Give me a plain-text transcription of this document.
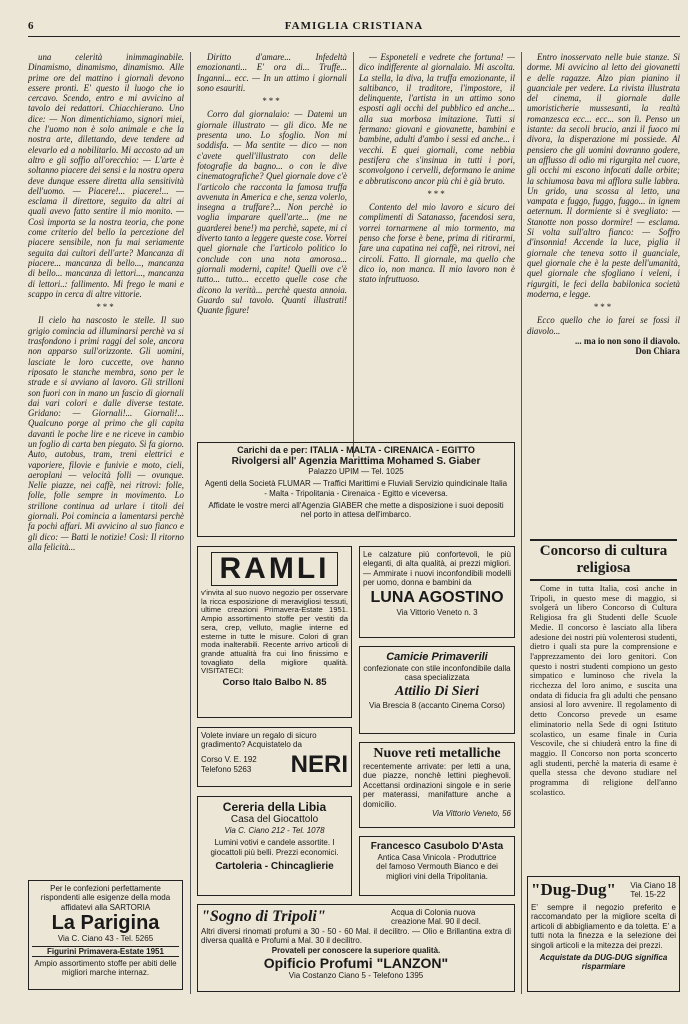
6	FAMIGLIA CRISTIANA

una celerità inimmaginabile. Dinamismo, dinamismo, dinamismo. Alle prime ore del mattino i giornali devono essere pronti. E' questo il luogo che io cercavo. Scendo, entro e mi avvicino al tavolo dei redattori. Chiacchierano. Uno dice: — Non dimentichiamo, signori miei, che l'uomo non è solo animale e che la nostra arte, dilettando, deve tendere ad elevarlo ed a nobilitarlo. Mi accosto ad un altro e gli soffio all'orecchio: — L'arte è soltanno piacere dei sensi e la nostra opera deve dunque essere diretta alla sensitività dell'uomo. — Piacere!... piacere!... — esclama il direttore, seguito da altri ai quali avevo fatto sentire il mio monito. — Così importa se la nostra teoria, che pone come criterio del bello la percezione del piacere sensibile, non fu mai seriamente seguita dai cultori dell'arte? Mancanza di piacere... mancanza di bello..., mancanza di bello... mancanza di lettori..., mancanza di lettori..: fallimento. Mi frego le mani e scappo in cerca di altre vittorie.

***

Il cielo ha nascosto le stelle. Il suo grigio comincia ad illuminarsi perchè va si trasfondono i primi raggi del sole, ancora non apparso sull'orizzonte. Gli uomini, lasciate le loro cuccette, ove hanno riposato le stanche membra, sono per le strade e si avviano al lavoro. Gli strilloni son fuori con in mano un fascio di giornali dai vari colori e dalle diverse testate. Gridano: — Giornali!... Giornali!... Qualcuno porge al primo che gli capita davanti le poche lire e ne riceve in cambio un foglio di carta ben piegato. Si fa giorno. Auto, autobus, tram, treni elettrici e vaporiere, filovie e funivie e moto, cieli, aeroplani — velocità folli — ovunque. Nelle piazze, nei caffè, nei ritrovi: folle, folle, folle sempre in movimento. Lo strillone continua ad urlare i titoli dei giornali. Poi comincia a lamentarsi perchè fa pochi affari. Mi avvicino al suo fianco e gli dico: — Batti le notizie! Così: Il ritorno alla felicità...

Diritto d'amare... Infedeltà emozionanti... E' ora di... Truffe... Inganni... ecc. — In un attimo i giornali sono esauriti.

***

Corro dal giornalaio: — Datemi un giornale illustrato — gli dico. Me ne presenta uno. Lo sfoglio. Non mi soddisfa. — Ma sentite — dico — non c'avete quell'illustrato con delle fotografie da bagno... o con le dive cinematografiche? Quel giornale dove c'è l'articolo che racconta la famosa truffa avvenuta in America e che, senza volerlo, insegna a truffare?... Non perchè io voglia imparare quell'arte... (me ne guarderei bene!) ma perchè, sapete, mi ci diverto tanto a leggere queste cose. Vorrei quel giornale che l'articolo politico lo conclude con una nota amorosa... giornali moderni, capite! Quelli ove c'è tutto... tutto... eccetto quelle cose che dicono la verità... perchè questa annoia. Guardo sul tavolo. Quanti illustrati! Quante figure!

— Esponeteli e vedrete che fortuna! — dico indifferente al giornalaio. Mi ascolta. La stella, la diva, la truffa emozionante, il saltibanco, il traditore, l'impostore, il delinquente, l'artista in un attimo sono esposti agli occhi del pubblico ed anche... alla sua morbosa imitazione. Tutti si fermano: giovani e giovanette, bambini e bambine, adulti d'ambo i sessi ed anche... i vecchi. E quei giornali, come nebbia pestifera che s'insinua in tutti i pori, sconvolgono i cervelli, deformano le anime e abbrutiscono ancor più chi è già bruto.

***

Contento del mio lavoro e sicuro dei complimenti di Satanasso, facendosi sera, vorrei tornarmene al mio tormento, ma penso che forse è bene, prima di ritirarmi, fare una capatina nei caffè, nei ritrovi, nei circoli. Fatto. Il giornale, ma quello che dico io, non manca. Il mio lavoro non è stato infruttuoso.

Entro inosservato nelle buie stanze. Si dorme. Mi avvicino al letto dei giovanetti e delle ragazze. Alzo pian pianino il guanciale per vedere. La rivista illustrata del cinema, il giornale dalle umoristicherie mussesanti, la realtà romanzesca ecc... ecc... son lì. Penso un istante: da secoli brucio, anzi il fuoco mi divora, la disperazione mi possiede. Al pensiero che gli uomini dovranno godere, un afflusso di odio mi rigurgita nel cuore, gli occhi mi escono infocati dalle orbite; la schiumosa bava mi afflora sulle labbra. Un grido, una scossa al letto, una vampata e fuggo, fuggo, fuggo... in ignem aeternum. Il dormiente si è svegliato: — Stanotte non posso dormire! — esclama. Si volta sull'altro fianco: — Soffro d'insonnia! Accende la luce, piglia il giornale che teneva sotto il guanciale, quel giornale che è la peste dell'umanità, quel giornale che sfogliano i veleni, i rigurgiti, le feci della babilonica società moderna, e legge.

***

Ecco quello che io farei se fossi il diavolo...

... ma io non sono il diavolo.
Don Chiara
Carichi da e per: ITALIA - MALTA - CIRENAICA - EGITTO
Rivolgersi all' Agenzia Marittima Mohamed S. Giaber
Palazzo UPIM — Tel. 1025
Agenti della Società FLUMAR — Traffici Marittimi e Fluviali Servizio quindicinale Italia - Malta - Tripolitania - Cirenaica - Egitto e viceversa.
Affidate le vostre merci all'Agenzia GIABER che mette a disposizione i suoi depositi nel porto in attesa dell'imbarco.
RAMLI
v'invita al suo nuovo negozio per osservare la ricca esposizione di meravigliosi tessuti, ultime creazioni Primavera-Estate 1951. Ampio assortimento stoffe per vestiti da sera, crep, velluto, maglie interne ed esterne in tutte le misure. Colori di gran moda inalterabili. Recente arrivo articoli di grande attualità fra cui lino finissimo e tovagliato della migliore qualità. VISITATECI:
Corso Italo Balbo N. 85
Volete inviare un regalo di sicuro gradimento? Acquistatelo da
Corso V. E. 192
Telefono 5263 NERI
Cereria della Libia
Casa del Giocattolo
Via C. Ciano 212 - Tel. 1078
Lumini votivi e candele assortite. I giocattoli più belli. Prezzi economici.
Cartoleria - Chincaglierie
Per le confezioni perfettamente rispondenti alle esigenze della moda affidatevi alla SARTORIA
La Parigina
Via C. Ciano 43 - Tel. 5265
Figurini Primavera-Estate 1951
Ampio assortimento stoffe per abiti delle migliori marche internaz.
Le calzature più confortevoli, le più eleganti, di alta qualità, ai prezzi migliori. — Ammirate i nuovi inconfondibili modelli per uomo, donna e bambini da
LUNA AGOSTINO
Via Vittorio Veneto n. 3
Camicie Primaverili
confezionate con stile inconfondibile dalla casa specializzata
Attilio Di Sieri
Via Brescia 8 (accanto Cinema Corso)
Nuove reti metalliche
recentemente arrivate: per letti a una, due piazze, nonchè lettini pieghevoli. Accettansi ordinazioni singole e in serie per materassi, manifatture anche a domicilio.
Via Vittorio Veneto, 56
Francesco Casubolo D'Asta
Antica Casa Vinicola - Produttrice
del famoso Vermouth Bianco e dei
migliori vini della Tripolitania.
"Sogno di Tripoli"	Acqua di Colonia nuova creazione Mal. 90 il decil.
Altri diversi rinomati profumi a 30 - 50 - 60 Mal. il decilitro. — Olio e Brillantina extra di diversa qualità e Profumi a Mal. 30 il decilitro.
Provateli per conoscere la superiore qualità.
Opificio Profumi "LANZON"
Via Costanzo Ciano 5 - Telefono 1395
Concorso di cultura religiosa
Come in tutta Italia, così anche in Tripoli, in questo mese di maggio, si svolgerà un libero Concorso di Cultura Religiosa fra gli Studenti delle Scuole Medie. Il concorso è lasciato alla libera adesione dei nostri più volenterosi studenti, dietro i quali sta pure la comprensione e l'apprezzamento dei loro genitori. Con questo i nostri studenti compiono un gesto simpatico e luminoso che rivela la ricchezza del loro animo, e suscita una ondata di fiducia fra gli adulti che pensano ansiosi al loro avvenire. Il regolamento di detto Concorso prevede un esame eliminatorio nella Sede di ogni Istituto scolastico, un esame finale in Curia Vescovile, che si chiuderà entro la fine di maggio. Il Concorso non porta sconcerto agli studenti, perchè la materia di esame è quella stessa che devono studiare nel programma di religione dell'anno scolastico.
"Dug-Dug" Via Ciano 18
Tel. 15-22
E' sempre il negozio preferito e raccomandato per la migliore scelta di articoli di abbigliamento e da toletta. E' a tutti nota la finezza e la selezione dei singoli articoli e la mitezza dei prezzi.
Acquistate da DUG-DUG significa risparmiare
